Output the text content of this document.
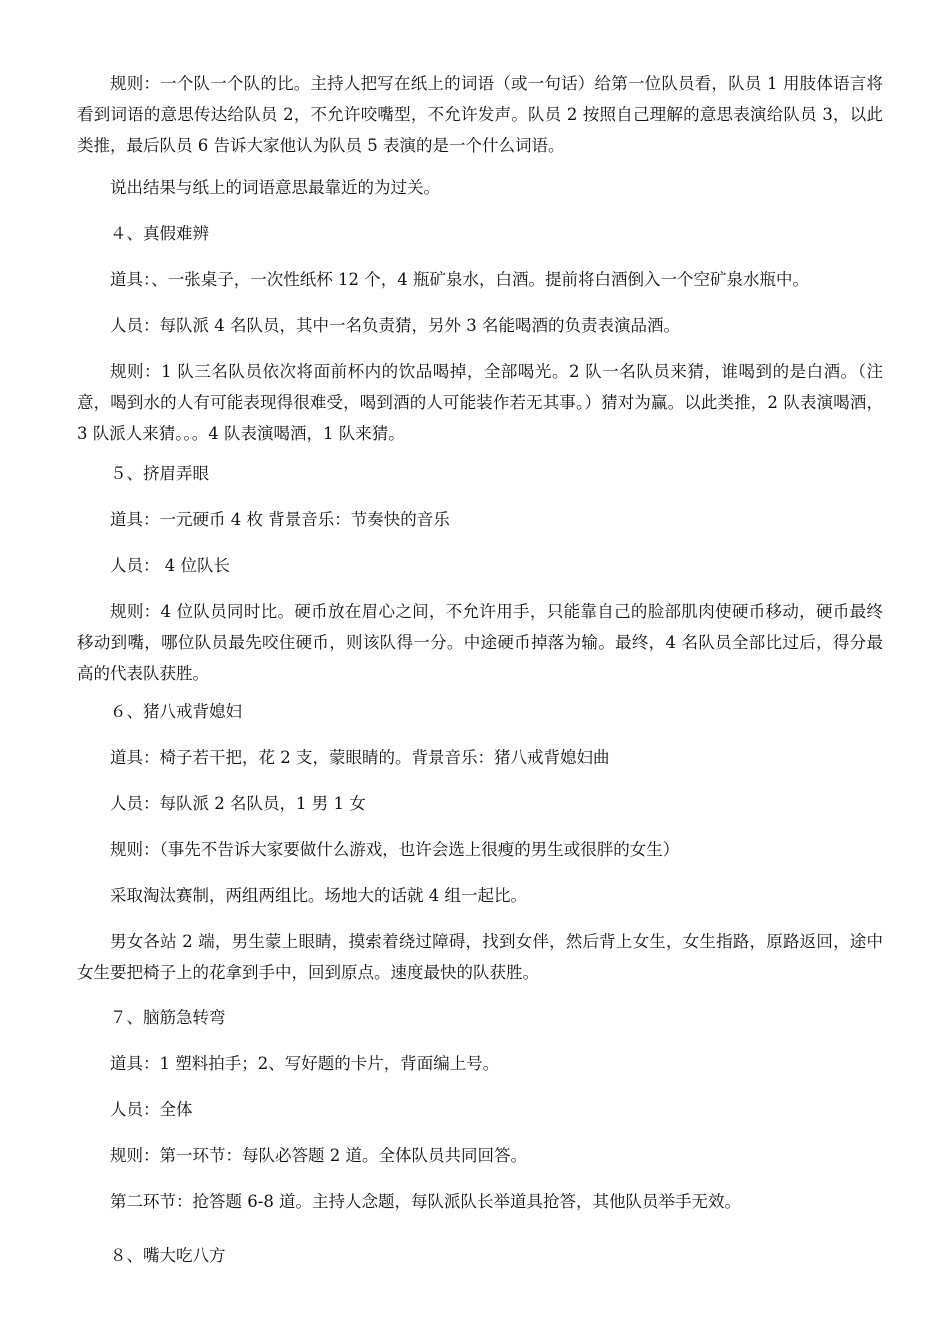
规则：一个队一个队的比。主持人把写在纸上的词语（或一句话）给第一位队员看，队员 1 用肢体语言将看到词语的意思传达给队员 2，不允许咬嘴型，不允许发声。队员 2 按照自己理解的意思表演给队员 3，以此类推，最后队员 6 告诉大家他认为队员 5 表演的是一个什么词语。

说出结果与纸上的词语意思最靠近的为过关。

４、真假难辨

道具：、一张桌子，一次性纸杯 12 个，4 瓶矿泉水，白酒。提前将白酒倒入一个空矿泉水瓶中。

人员：每队派 4 名队员，其中一名负责猜，另外 3 名能喝酒的负责表演品酒。

规则：1 队三名队员依次将面前杯内的饮品喝掉，全部喝光。2 队一名队员来猜，谁喝到的是白酒。（注意，喝到水的人有可能表现得很难受，喝到酒的人可能装作若无其事。）猜对为赢。以此类推，2 队表演喝酒，3 队派人来猜。。。4 队表演喝酒，1 队来猜。

５、挤眉弄眼

道具：一元硬币 4 枚 背景音乐：节奏快的音乐

人员： 4 位队长

规则：4 位队员同时比。硬币放在眉心之间，不允许用手，只能靠自己的脸部肌肉使硬币移动，硬币最终移动到嘴，哪位队员最先咬住硬币，则该队得一分。中途硬币掉落为输。最终，4 名队员全部比过后，得分最高的代表队获胜。

６、猪八戒背媳妇

道具：椅子若干把，花 2 支，蒙眼睛的。背景音乐：猪八戒背媳妇曲

人员：每队派 2 名队员，1 男 1 女

规则：（事先不告诉大家要做什么游戏，也许会选上很瘦的男生或很胖的女生）

采取淘汰赛制，两组两组比。场地大的话就 4 组一起比。

男女各站 2 端，男生蒙上眼睛，摸索着绕过障碍，找到女伴，然后背上女生，女生指路，原路返回，途中女生要把椅子上的花拿到手中，回到原点。速度最快的队获胜。

７、脑筋急转弯

道具：1 塑料拍手；2、写好题的卡片，背面编上号。

人员：全体

规则：第一环节：每队必答题 2 道。全体队员共同回答。

第二环节：抢答题 6-8 道。主持人念题，每队派队长举道具抢答，其他队员举手无效。

８、嘴大吃八方
